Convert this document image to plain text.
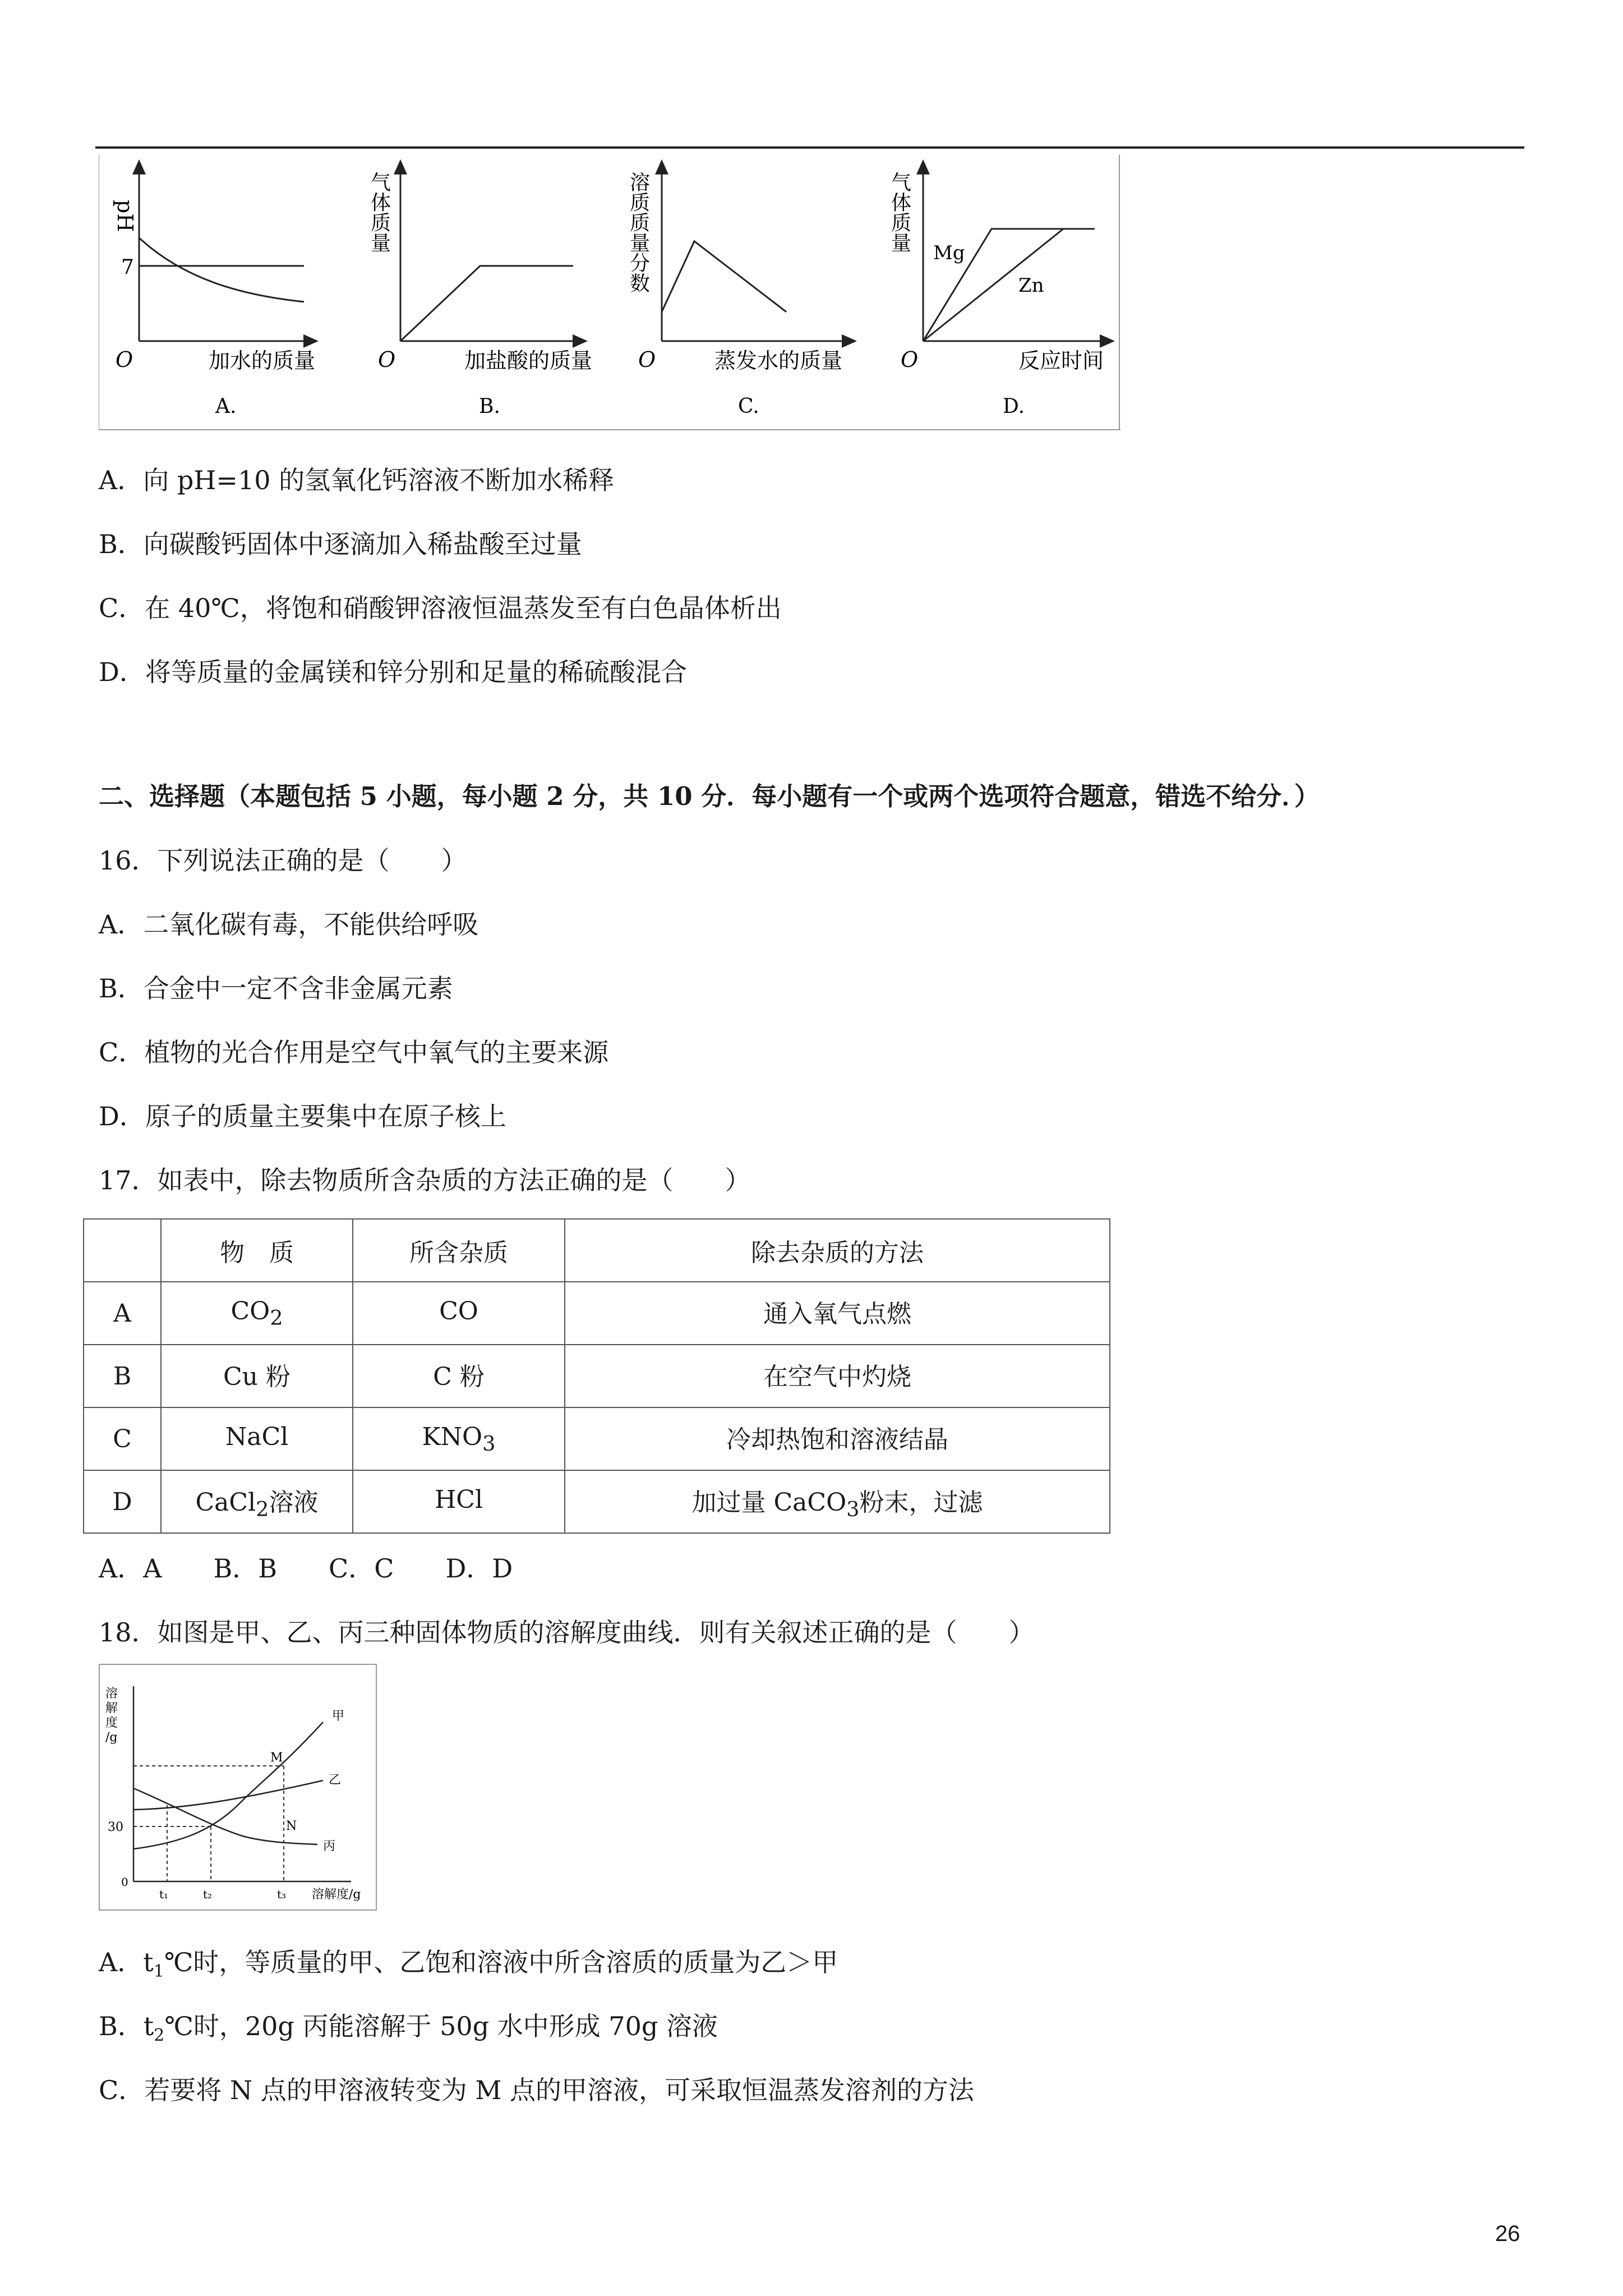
pH
7
O	加水的质量
A.
气体质量
O	加盐酸的质量
B.
溶质质量分数
O	蒸发水的质量
C.
气体质量
Mg
Zn
O	反应时间
D.
A．向 pH=10 的氢氧化钙溶液不断加水稀释
B．向碳酸钙固体中逐滴加入稀盐酸至过量
C．在 40℃，将饱和硝酸钾溶液恒温蒸发至有白色晶体析出
D．将等质量的金属镁和锌分别和足量的稀硫酸混合
二、选择题（本题包括 5 小题，每小题 2 分，共 10 分．每小题有一个或两个选项符合题意，错选不给分．）
16．下列说法正确的是（　　）
A．二氧化碳有毒，不能供给呼吸
B．合金中一定不含非金属元素
C．植物的光合作用是空气中氧气的主要来源
D．原子的质量主要集中在原子核上
17．如表中，除去物质所含杂质的方法正确的是（　　）
	物　质	所含杂质	除去杂质的方法
A	$CO_2$	CO	通入氧气点燃
B	Cu 粉	C 粉	在空气中灼烧
C	NaCl	$KNO_3$	冷却热饱和溶液结晶
D	CaCl$_2$溶液	HCl	加过量 CaCO$_3$粉末，过滤
A．A　　B．B　　C．C　　D．D
18．如图是甲、乙、丙三种固体物质的溶解度曲线．则有关叙述正确的是（　　）
溶
解
度
/g
30
0
t₁	t₂	t₃ 溶解度/g
甲
乙
丙
M
N
A．$t_1℃$时，等质量的甲、乙饱和溶液中所含溶质的质量为乙＞甲
B．$t_2℃$时，20g 丙能溶解于 50g 水中形成 70g 溶液
C．若要将 N 点的甲溶液转变为 M 点的甲溶液，可采取恒温蒸发溶剂的方法
26
